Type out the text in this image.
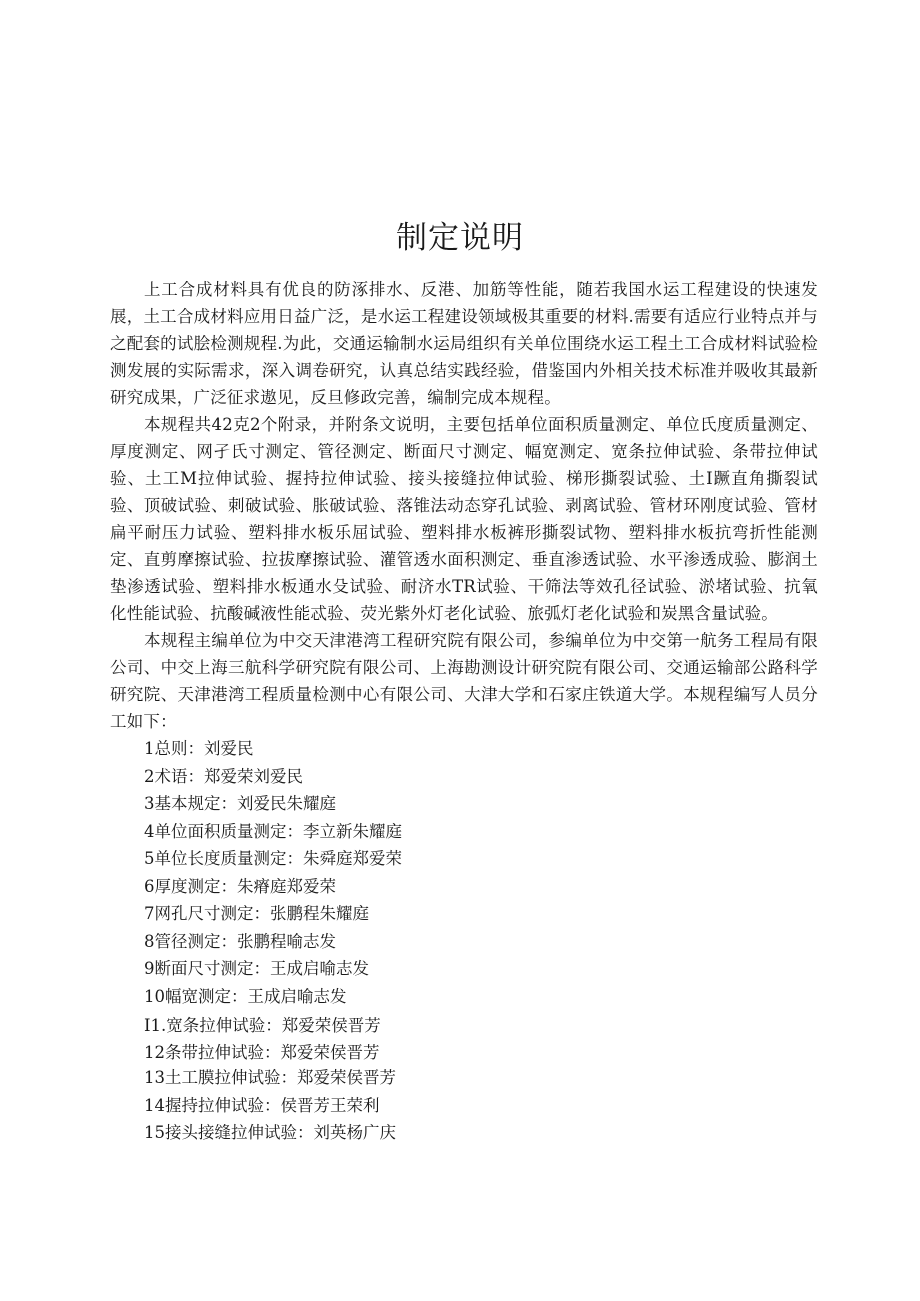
制定说明

上工合成材料具有优良的防涿排水、反港、加筋等性能，随若我国水运工程建设的快速发展，土工合成材料应用日益广泛，是水运工程建设领域极其重要的材料.需要有适应行业特点并与之配套的试脍检测规程.为此，交通运输制水运局组织有关单位围绕水运工程土工合成材料试验检测发展的实际需求，深入调卷研究，认真总结实践经验，借鉴国内外相关技术标准并吸收其最新研究成果，广泛征求遨见，反旦修政完善，编制完成本规程。

本规程共42克2个附录，并附条文说明，主要包括单位面积质量测定、单位氏度质量测定、厚度测定、网孑氏寸测定、管径测定、断面尺寸测定、幅宽测定、宽条拉伸试验、条带拉伸试验、土工M拉伸试验、握持拉伸试验、接头接缝拉伸试验、梯形撕裂试验、土I蹶直角撕裂试验、顶破试验、刺破试验、胀破试验、落锥法动态穿孔试验、剥离试验、管材环刚度试验、管材扁平耐压力试验、塑料排水板乐屈试验、塑料排水板裤形撕裂试物、塑料排水板抗弯折性能测定、直剪摩擦试验、拉拔摩擦试验、灌管透水面积测定、垂直渗透试验、水平渗透成验、膨润土垫渗透试验、塑料排水板通水殳试验、耐济水TR试验、干筛法等效孔径试验、淤堵试验、抗氧化性能试验、抗酸碱液性能忒验、荧光紫外灯老化试验、旅弧灯老化试验和炭黑含量试验。

本规程主编单位为中交天津港湾工程研究院有限公司，参编单位为中交第一航务工程局有限公司、中交上海三航科学研究院有限公司、上海勘测设计研究院有限公司、交通运输部公路科学研究院、天津港湾工程质量检测中心有限公司、大津大学和石家庄铁道大学。本规程编写人员分工如下：

1总则：刘爱民
2术语：郑爱荣刘爱民
3基本规定：刘爱民朱耀庭
4单位面积质量测定：李立新朱耀庭
5单位长度质量测定：朱舜庭郑爱荣
6厚度测定：朱瘠庭郑爱荣
7网孔尺寸测定：张鹏程朱耀庭
8管径测定：张鹏程喻志发
9断面尺寸测定：王成启喻志发
10幅宽测定：王成启喻志发
I1.宽条拉伸试验：郑爱荣侯晋芳
12条带拉伸试验：郑爱荣侯晋芳
13土工膜拉伸试验：郑爱荣侯晋芳
14握持拉伸试验：侯晋芳王荣利
15接头接缝拉伸试验：刘英杨广庆
